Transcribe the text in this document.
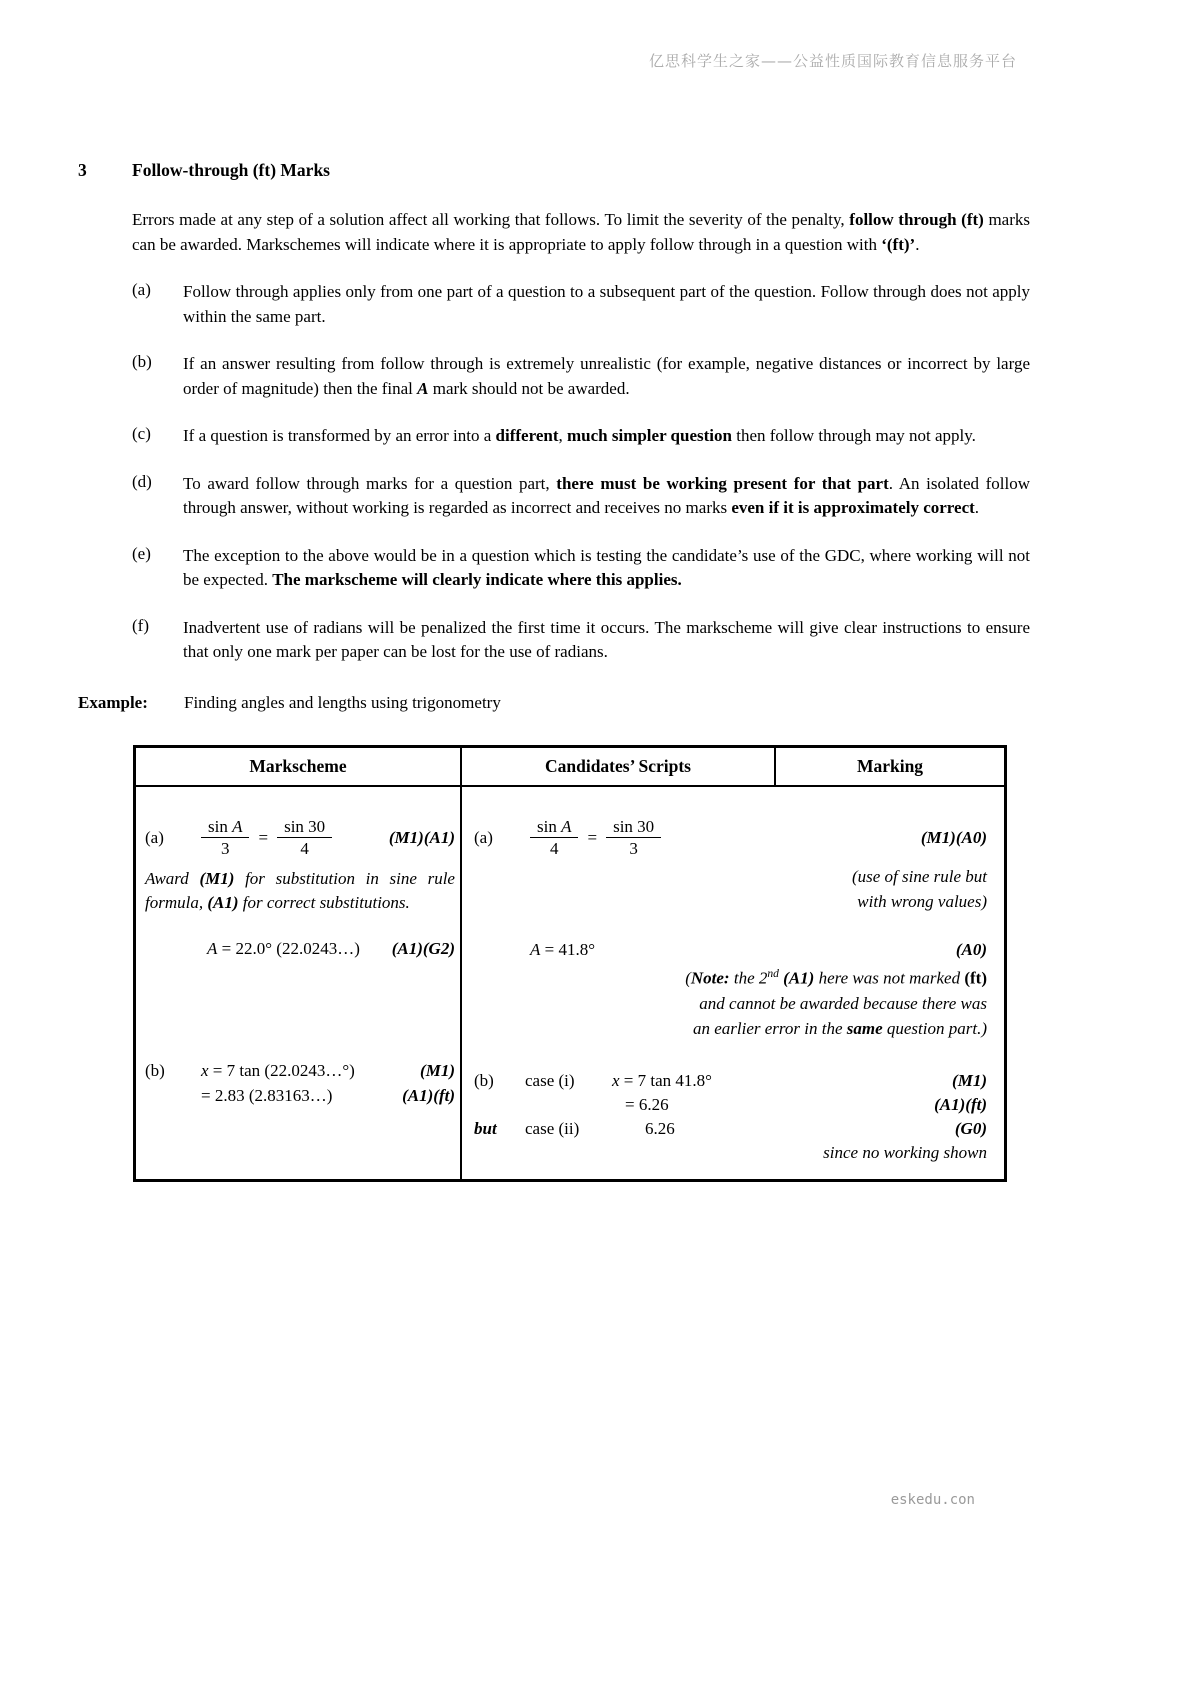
亿思科学生之家——公益性质国际教育信息服务平台
3	Follow-through (ft) Marks
Errors made at any step of a solution affect all working that follows. To limit the severity of the penalty, follow through (ft) marks can be awarded. Markschemes will indicate where it is appropriate to apply follow through in a question with ‘(ft)’.
(a)	Follow through applies only from one part of a question to a subsequent part of the question. Follow through does not apply within the same part.
(b)	If an answer resulting from follow through is extremely unrealistic (for example, negative distances or incorrect by large order of magnitude) then the final A mark should not be awarded.
(c)	If a question is transformed by an error into a different, much simpler question then follow through may not apply.
(d)	To award follow through marks for a question part, there must be working present for that part. An isolated follow through answer, without working is regarded as incorrect and receives no marks even if it is approximately correct.
(e)	The exception to the above would be in a question which is testing the candidate’s use of the GDC, where working will not be expected. The markscheme will clearly indicate where this applies.
(f)	Inadvertent use of radians will be penalized the first time it occurs. The markscheme will give clear instructions to ensure that only one mark per paper can be lost for the use of radians.
Example:	Finding angles and lengths using trigonometry
Markscheme	Candidates’ Scripts	Marking
(a)	$\frac{\text{sin A}}{3} = \frac{\sin 30}{4}$	(M1)(A1)
Award (M1) for substitution in sine rule formula, (A1) for correct substitutions.
A = 22.0° (22.0243…) (A1)(G2)
(b)	x = 7 tan (22.0243…°)	(M1)
= 2.83 (2.83163…)	(A1)(ft)
(a)	$\frac{\text{sin A}}{4} = \frac{\sin 30}{3}$	(M1)(A0)
(use of sine rule but
with wrong values)
A = 41.8°	(A0)
(Note: the 2nd (A1) here was not marked (ft)
and cannot be awarded because there was
an earlier error in the same question part.)
(b)	case (i)	x = 7 tan 41.8°	(M1)
= 6.26	(A1)(ft)
but	case (ii)	6.26	(G0)
since no working shown
eskedu.con
